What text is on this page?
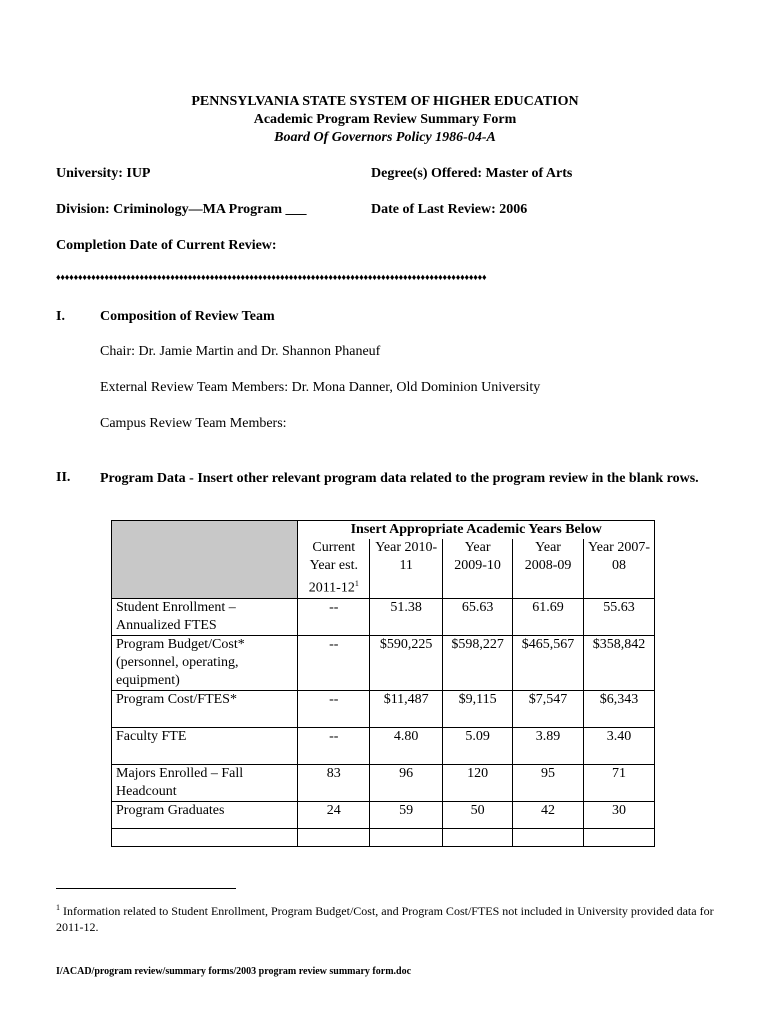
PENNSYLVANIA STATE SYSTEM OF HIGHER EDUCATION
Academic Program Review Summary Form
Board Of Governors Policy 1986-04-A
University: IUP	Degree(s) Offered: Master of Arts
Division: Criminology—MA Program ___	Date of Last Review: 2006
Completion Date of Current Review:
♦♦♦♦♦♦♦♦♦♦♦♦♦♦♦♦♦♦♦♦♦♦♦♦♦♦♦♦♦♦♦♦♦♦♦♦♦♦♦♦♦♦♦♦♦♦♦♦♦♦♦♦♦♦♦♦♦♦♦♦♦♦♦♦♦♦♦♦♦♦♦♦♦♦♦♦♦♦♦♦♦♦♦♦♦♦♦♦♦♦♦♦♦♦♦♦♦♦
I.	Composition of Review Team
Chair: Dr. Jamie Martin and Dr. Shannon Phaneuf
External Review Team Members: Dr. Mona Danner, Old Dominion University
Campus Review Team Members:
II. Program Data - Insert other relevant program data related to the program review in the blank rows.
	Insert Appropriate Academic Years Below				
	Current Year est. $2011-12^1$	Year 2010-11	Year 2009-10	Year 2008-09	Year 2007-08
Student Enrollment – Annualized FTES	--	51.38	65.63	61.69	55.63
Program Budget/Cost* (personnel, operating, equipment)	--	$590,225	$598,227	$465,567	$358,842
Program Cost/FTES*	--	$11,487	$9,115	$7,547	$6,343
Faculty FTE	--	4.80	5.09	3.89	3.40
Majors Enrolled – Fall Headcount	83	96	120	95	71
Program Graduates	24	59	50	42	30

$^1$ Information related to Student Enrollment, Program Budget/Cost, and Program Cost/FTES not included in University provided data for 2011-12.
I/ACAD/program review/summary forms/2003 program review summary form.doc
